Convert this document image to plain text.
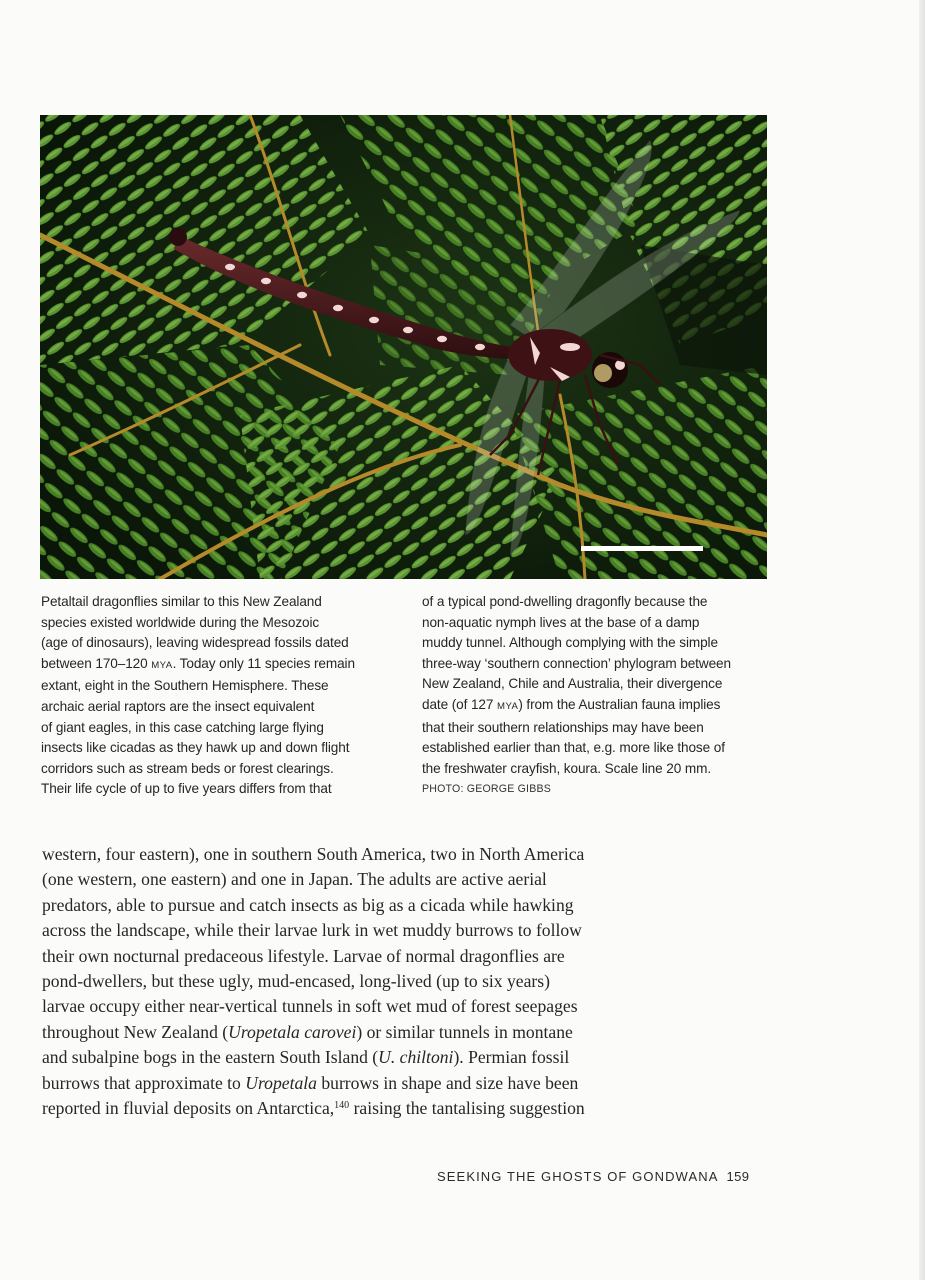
Petaltail dragonflies similar to this New Zealand
species existed worldwide during the Mesozoic
(age of dinosaurs), leaving widespread fossils dated
between 170–120 MYA. Today only 11 species remain
extant, eight in the Southern Hemisphere. These
archaic aerial raptors are the insect equivalent
of giant eagles, in this case catching large flying
insects like cicadas as they hawk up and down flight
corridors such as stream beds or forest clearings.
Their life cycle of up to five years differs from that
of a typical pond-dwelling dragonfly because the
non-aquatic nymph lives at the base of a damp
muddy tunnel. Although complying with the simple
three-way ‘southern connection’ phylogram between
New Zealand, Chile and Australia, their divergence
date (of 127 MYA) from the Australian fauna implies
that their southern relationships may have been
established earlier than that, e.g. more like those of
the freshwater crayfish, koura. Scale line 20 mm.
PHOTO: GEORGE GIBBS
western, four eastern), one in southern South America, two in North America
(one western, one eastern) and one in Japan. The adults are active aerial
predators, able to pursue and catch insects as big as a cicada while hawking
across the landscape, while their larvae lurk in wet muddy burrows to follow
their own nocturnal predaceous lifestyle. Larvae of normal dragonflies are
pond-dwellers, but these ugly, mud-encased, long-lived (up to six years)
larvae occupy either near-vertical tunnels in soft wet mud of forest seepages
throughout New Zealand (Uropetala carovei) or similar tunnels in montane
and subalpine bogs in the eastern South Island (U. chiltoni). Permian fossil
burrows that approximate to Uropetala burrows in shape and size have been
reported in fluvial deposits on Antarctica,$^{140}$ raising the tantalising suggestion
SEEKING THE GHOSTS OF GONDWANA 159
